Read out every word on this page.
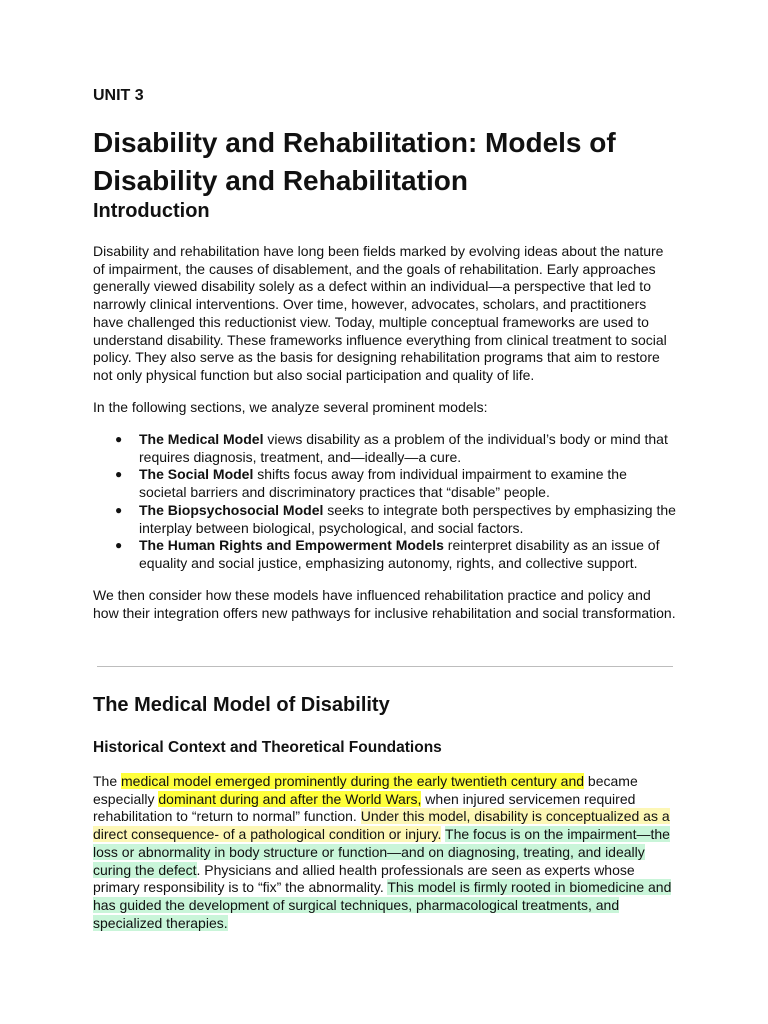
UNIT 3
Disability and Rehabilitation: Models of Disability and Rehabilitation
Introduction

Disability and rehabilitation have long been fields marked by evolving ideas about the nature of impairment, the causes of disablement, and the goals of rehabilitation. Early approaches generally viewed disability solely as a defect within an individual—a perspective that led to narrowly clinical interventions. Over time, however, advocates, scholars, and practitioners have challenged this reductionist view. Today, multiple conceptual frameworks are used to understand disability. These frameworks influence everything from clinical treatment to social policy. They also serve as the basis for designing rehabilitation programs that aim to restore not only physical function but also social participation and quality of life.

In the following sections, we analyze several prominent models:

● The Medical Model views disability as a problem of the individual’s body or mind that requires diagnosis, treatment, and—ideally—a cure.
● The Social Model shifts focus away from individual impairment to examine the societal barriers and discriminatory practices that “disable” people.
● The Biopsychosocial Model seeks to integrate both perspectives by emphasizing the interplay between biological, psychological, and social factors.
● The Human Rights and Empowerment Models reinterpret disability as an issue of equality and social justice, emphasizing autonomy, rights, and collective support.

We then consider how these models have influenced rehabilitation practice and policy and how their integration offers new pathways for inclusive rehabilitation and social transformation.

The Medical Model of Disability
Historical Context and Theoretical Foundations

The medical model emerged prominently during the early twentieth century and became especially dominant during and after the World Wars, when injured servicemen required rehabilitation to “return to normal” function. Under this model, disability is conceptualized as a direct consequence- of a pathological condition or injury. The focus is on the impairment—the loss or abnormality in body structure or function—and on diagnosing, treating, and ideally curing the defect. Physicians and allied health professionals are seen as experts whose primary responsibility is to “fix” the abnormality. This model is firmly rooted in biomedicine and has guided the development of surgical techniques, pharmacological treatments, and specialized therapies.
